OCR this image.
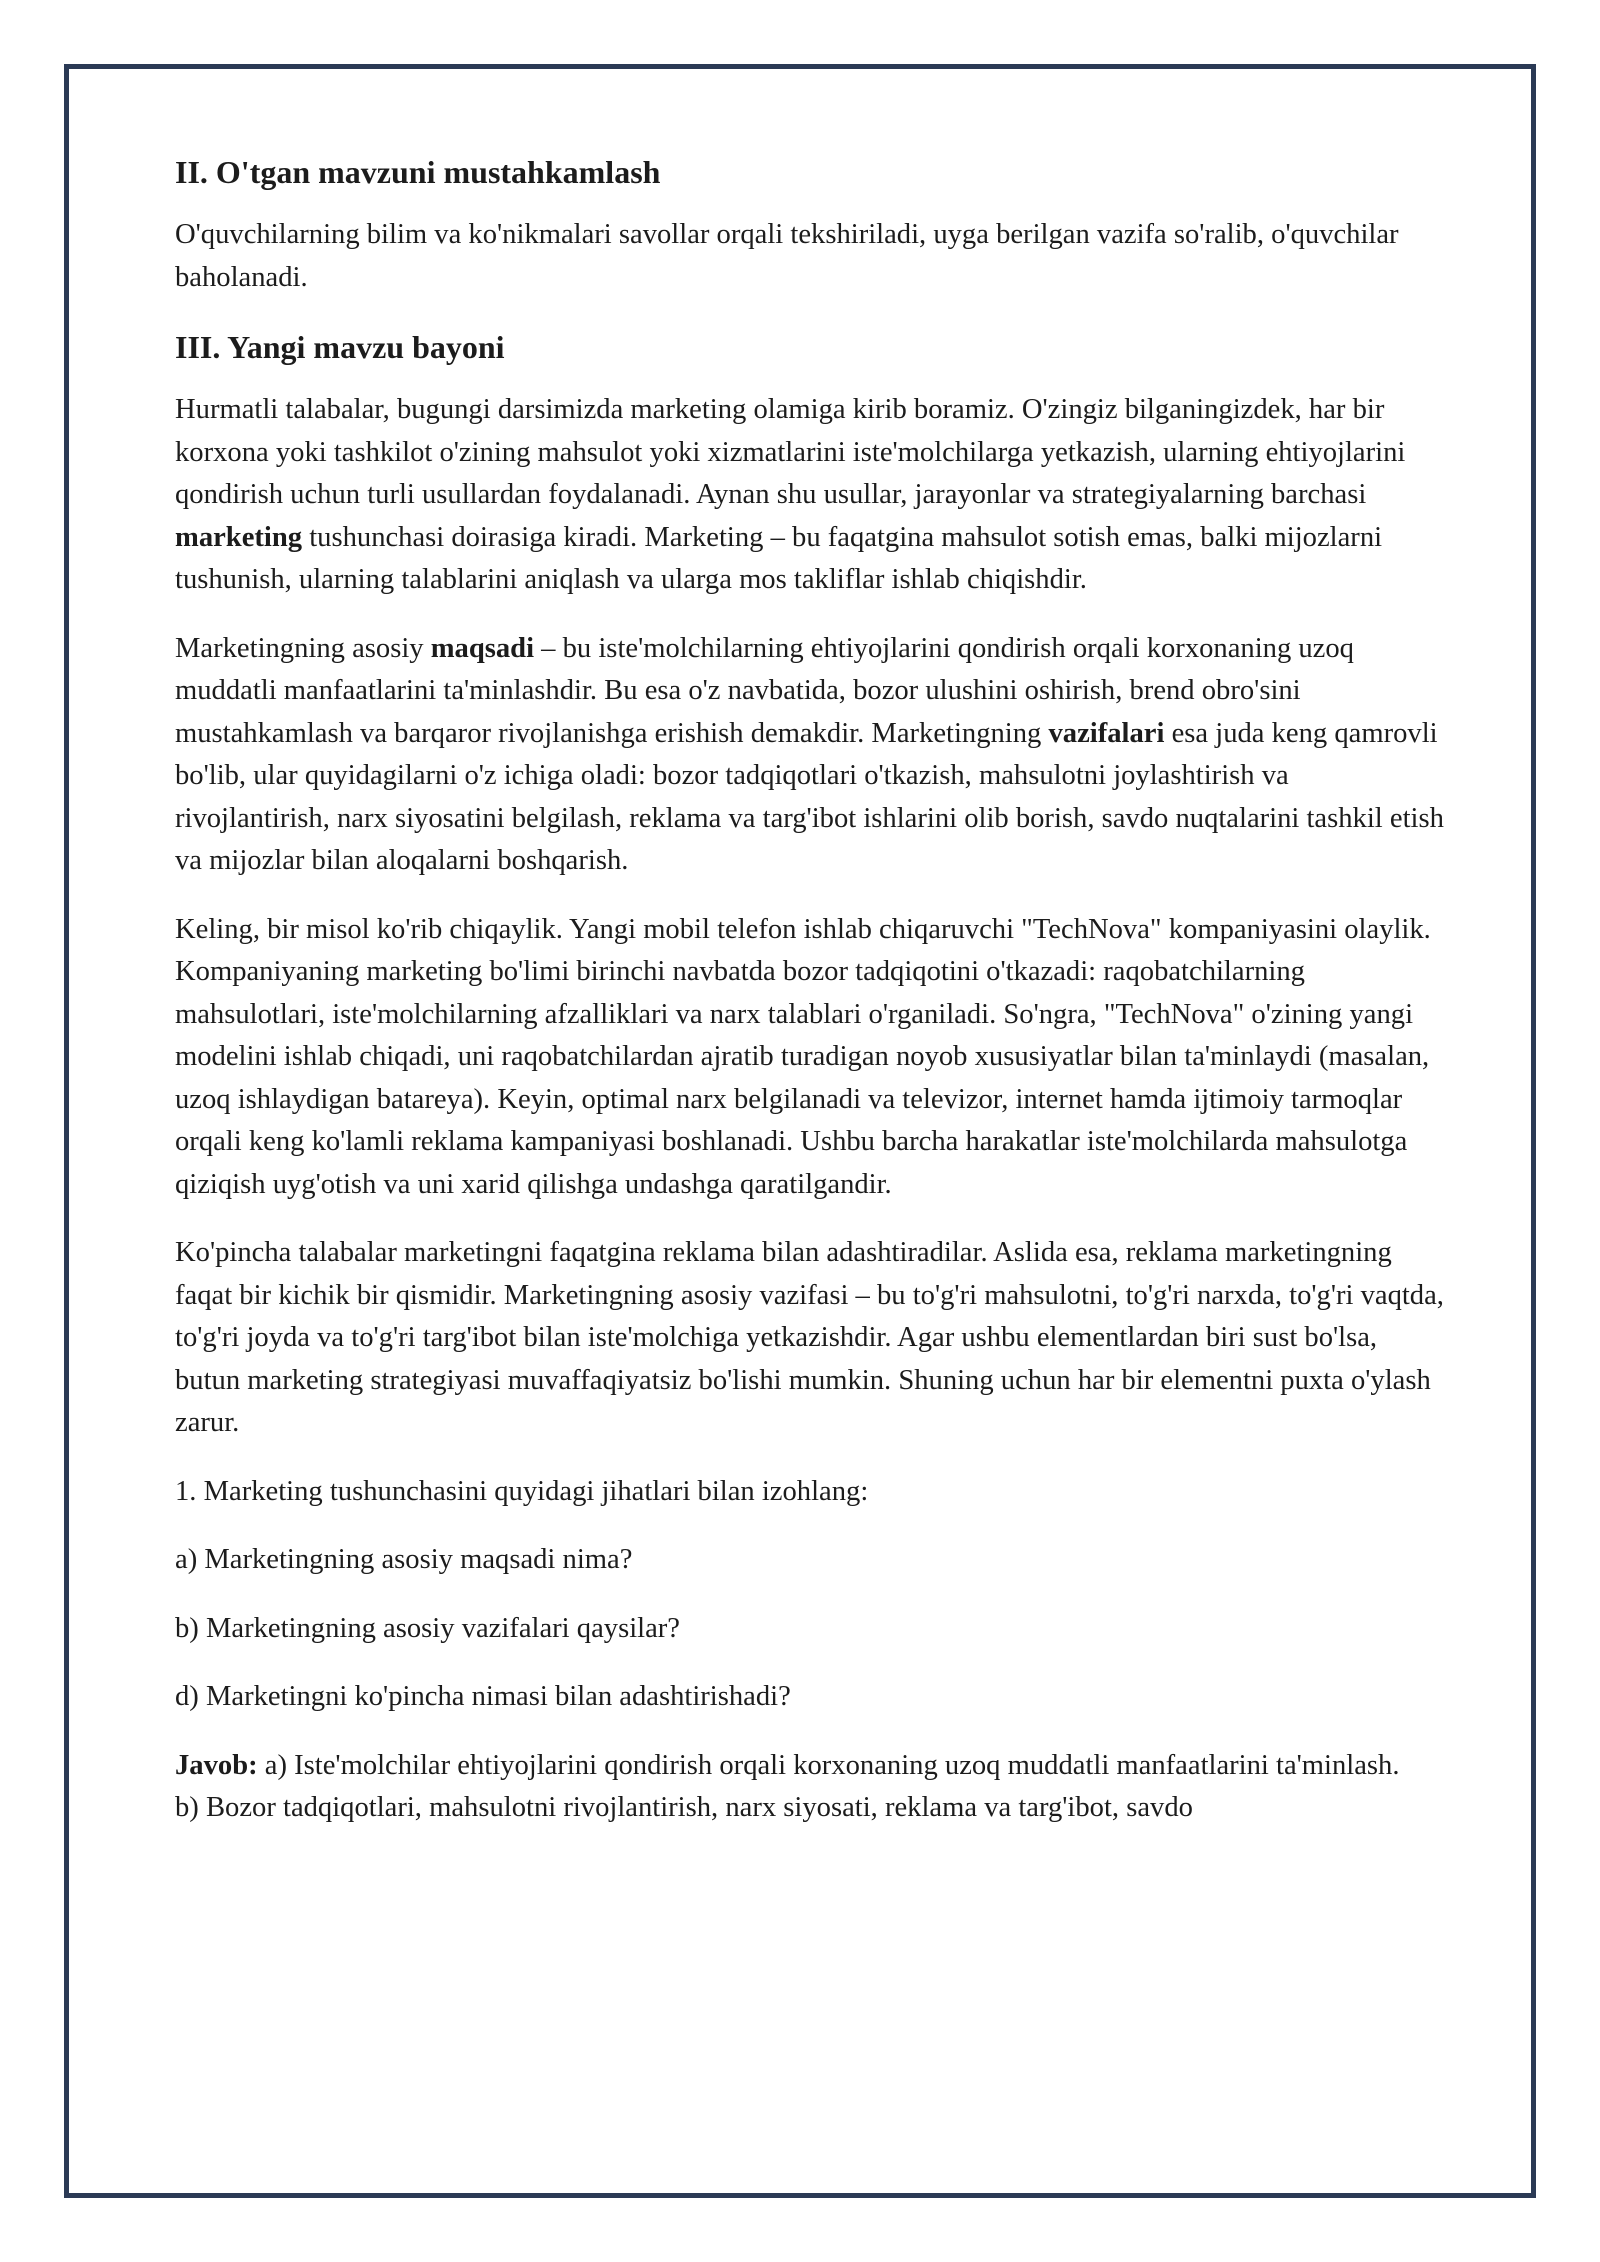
II. O'tgan mavzuni mustahkamlash

O'quvchilarning bilim va ko'nikmalari savollar orqali tekshiriladi, uyga berilgan vazifa so'ralib, o'quvchilar baholanadi.

III. Yangi mavzu bayoni

Hurmatli talabalar, bugungi darsimizda marketing olamiga kirib boramiz. O'zingiz bilganingizdek, har bir korxona yoki tashkilot o'zining mahsulot yoki xizmatlarini iste'molchilarga yetkazish, ularning ehtiyojlarini qondirish uchun turli usullardan foydalanadi. Aynan shu usullar, jarayonlar va strategiyalarning barchasi marketing tushunchasi doirasiga kiradi. Marketing – bu faqatgina mahsulot sotish emas, balki mijozlarni tushunish, ularning talablarini aniqlash va ularga mos takliflar ishlab chiqishdir.

Marketingning asosiy maqsadi – bu iste'molchilarning ehtiyojlarini qondirish orqali korxonaning uzoq muddatli manfaatlarini ta'minlashdir. Bu esa o'z navbatida, bozor ulushini oshirish, brend obro'sini mustahkamlash va barqaror rivojlanishga erishish demakdir. Marketingning vazifalari esa juda keng qamrovli bo'lib, ular quyidagilarni o'z ichiga oladi: bozor tadqiqotlari o'tkazish, mahsulotni joylashtirish va rivojlantirish, narx siyosatini belgilash, reklama va targ'ibot ishlarini olib borish, savdo nuqtalarini tashkil etish va mijozlar bilan aloqalarni boshqarish.

Keling, bir misol ko'rib chiqaylik. Yangi mobil telefon ishlab chiqaruvchi "TechNova" kompaniyasini olaylik. Kompaniyaning marketing bo'limi birinchi navbatda bozor tadqiqotini o'tkazadi: raqobatchilarning mahsulotlari, iste'molchilarning afzalliklari va narx talablari o'rganiladi. So'ngra, "TechNova" o'zining yangi modelini ishlab chiqadi, uni raqobatchilardan ajratib turadigan noyob xususiyatlar bilan ta'minlaydi (masalan, uzoq ishlaydigan batareya). Keyin, optimal narx belgilanadi va televizor, internet hamda ijtimoiy tarmoqlar orqali keng ko'lamli reklama kampaniyasi boshlanadi. Ushbu barcha harakatlar iste'molchilarda mahsulotga qiziqish uyg'otish va uni xarid qilishga undashga qaratilgandir.

Ko'pincha talabalar marketingni faqatgina reklama bilan adashtiradilar. Aslida esa, reklama marketingning faqat bir kichik bir qismidir. Marketingning asosiy vazifasi – bu to'g'ri mahsulotni, to'g'ri narxda, to'g'ri vaqtda, to'g'ri joyda va to'g'ri targ'ibot bilan iste'molchiga yetkazishdir. Agar ushbu elementlardan biri sust bo'lsa, butun marketing strategiyasi muvaffaqiyatsiz bo'lishi mumkin. Shuning uchun har bir elementni puxta o'ylash zarur.

1. Marketing tushunchasini quyidagi jihatlari bilan izohlang:

a) Marketingning asosiy maqsadi nima?

b) Marketingning asosiy vazifalari qaysilar?

d) Marketingni ko'pincha nimasi bilan adashtirishadi?

Javob: a) Iste'molchilar ehtiyojlarini qondirish orqali korxonaning uzoq muddatli manfaatlarini ta'minlash.

b) Bozor tadqiqotlari, mahsulotni rivojlantirish, narx siyosati, reklama va targ'ibot, savdo
